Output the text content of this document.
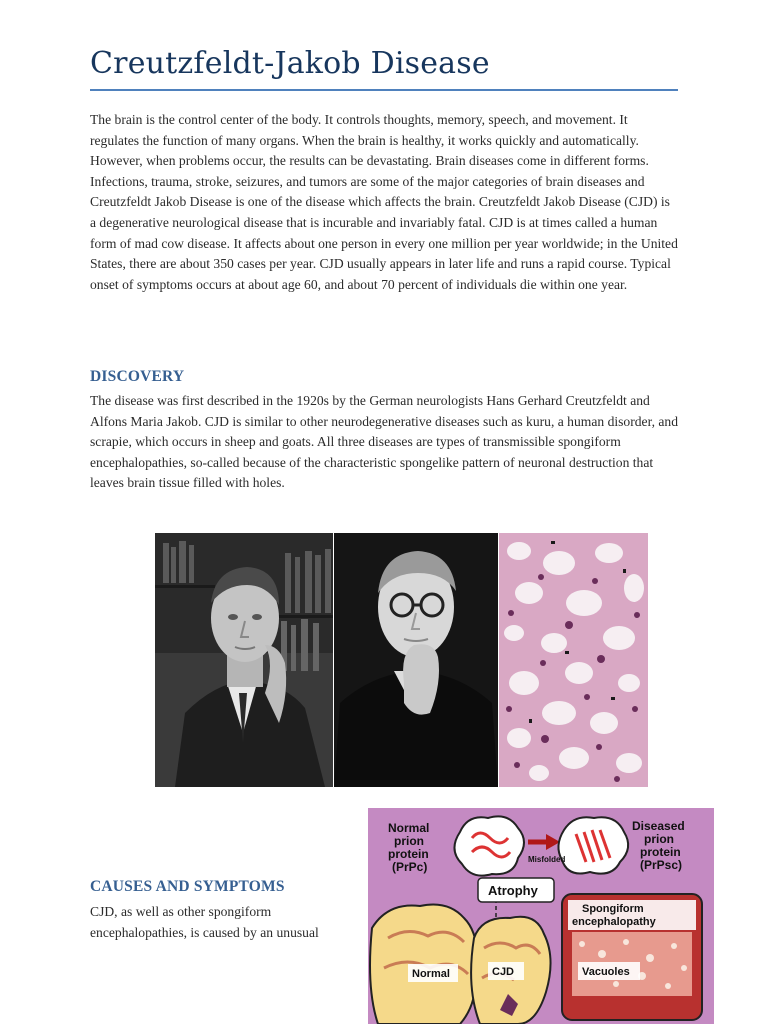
Creutzfeldt-Jakob Disease

The brain is the control center of the body. It controls thoughts, memory, speech, and movement. It regulates the function of many organs. When the brain is healthy, it works quickly and automatically. However, when problems occur, the results can be devastating. Brain diseases come in different forms. Infections, trauma, stroke, seizures, and tumors are some of the major categories of brain diseases and Creutzfeldt Jakob Disease is one of the disease which affects the brain. Creutzfeldt Jakob Disease (CJD) is a degenerative neurological disease that is incurable and invariably fatal. CJD is at times called a human form of mad cow disease. It affects about one person in every one million per year worldwide; in the United States, there are about 350 cases per year. CJD usually appears in later life and runs a rapid course. Typical onset of symptoms occurs at about age 60, and about 70 percent of individuals die within one year.

DISCOVERY

The disease was first described in the 1920s by the German neurologists Hans Gerhard Creutzfeldt and Alfons Maria Jakob. CJD is similar to other neurodegenerative diseases such as kuru, a human disorder, and scrapie, which occurs in sheep and goats. All three diseases are types of transmissible spongiform encephalopathies, so-called because of the characteristic spongelike pattern of neuronal destruction that leaves brain tissue filled with holes.

CAUSES AND SYMPTOMS

CJD, as well as other spongiform encephalopathies, is caused by an unusual

Normal prion protein (PrPc)
Diseased prion protein (PrPsc)
Misfolded
Atrophy
Spongiform encephalopathy
Vacuoles
Normal	CJD
